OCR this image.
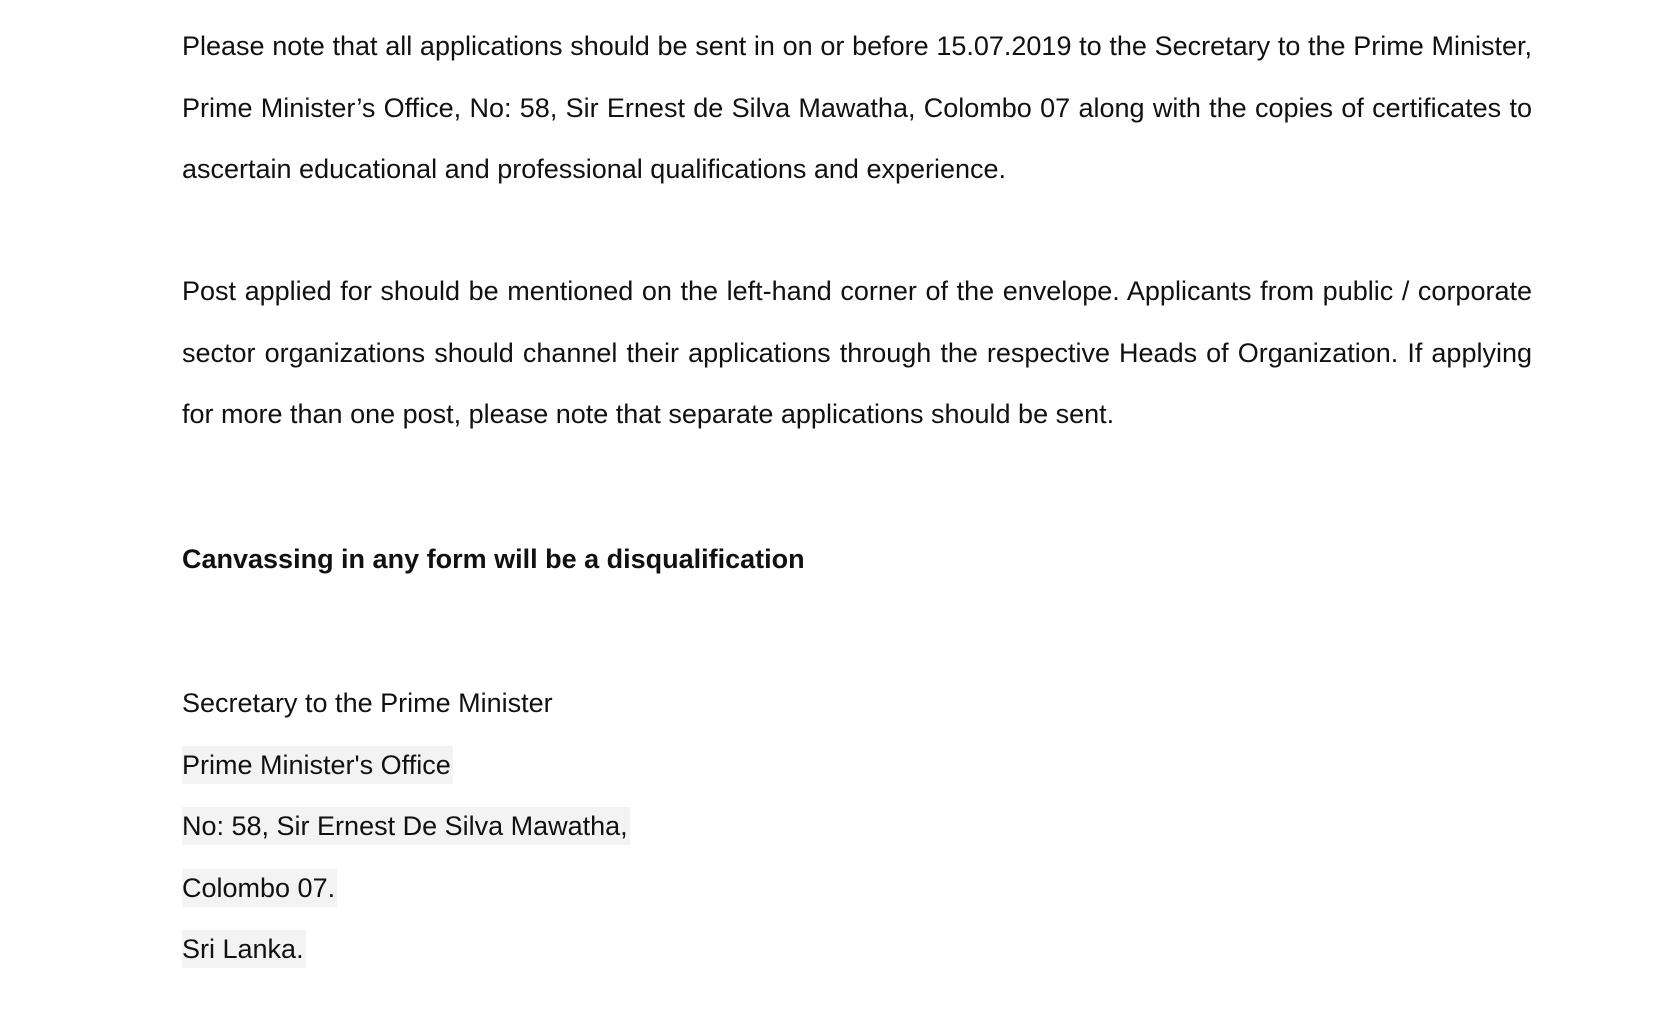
Please note that all applications should be sent in on or before 15.07.2019 to the Secretary to the Prime Minister, Prime Minister’s Office, No: 58, Sir Ernest de Silva Mawatha, Colombo 07 along with the copies of certificates to ascertain educational and professional qualifications and experience.

Post applied for should be mentioned on the left-hand corner of the envelope. Applicants from public / corporate sector organizations should channel their applications through the respective Heads of Organization. If applying for more than one post, please note that separate applications should be sent.

Canvassing in any form will be a disqualification

Secretary to the Prime Minister
Prime Minister's Office
No: 58, Sir Ernest De Silva Mawatha,
Colombo 07.
Sri Lanka.
